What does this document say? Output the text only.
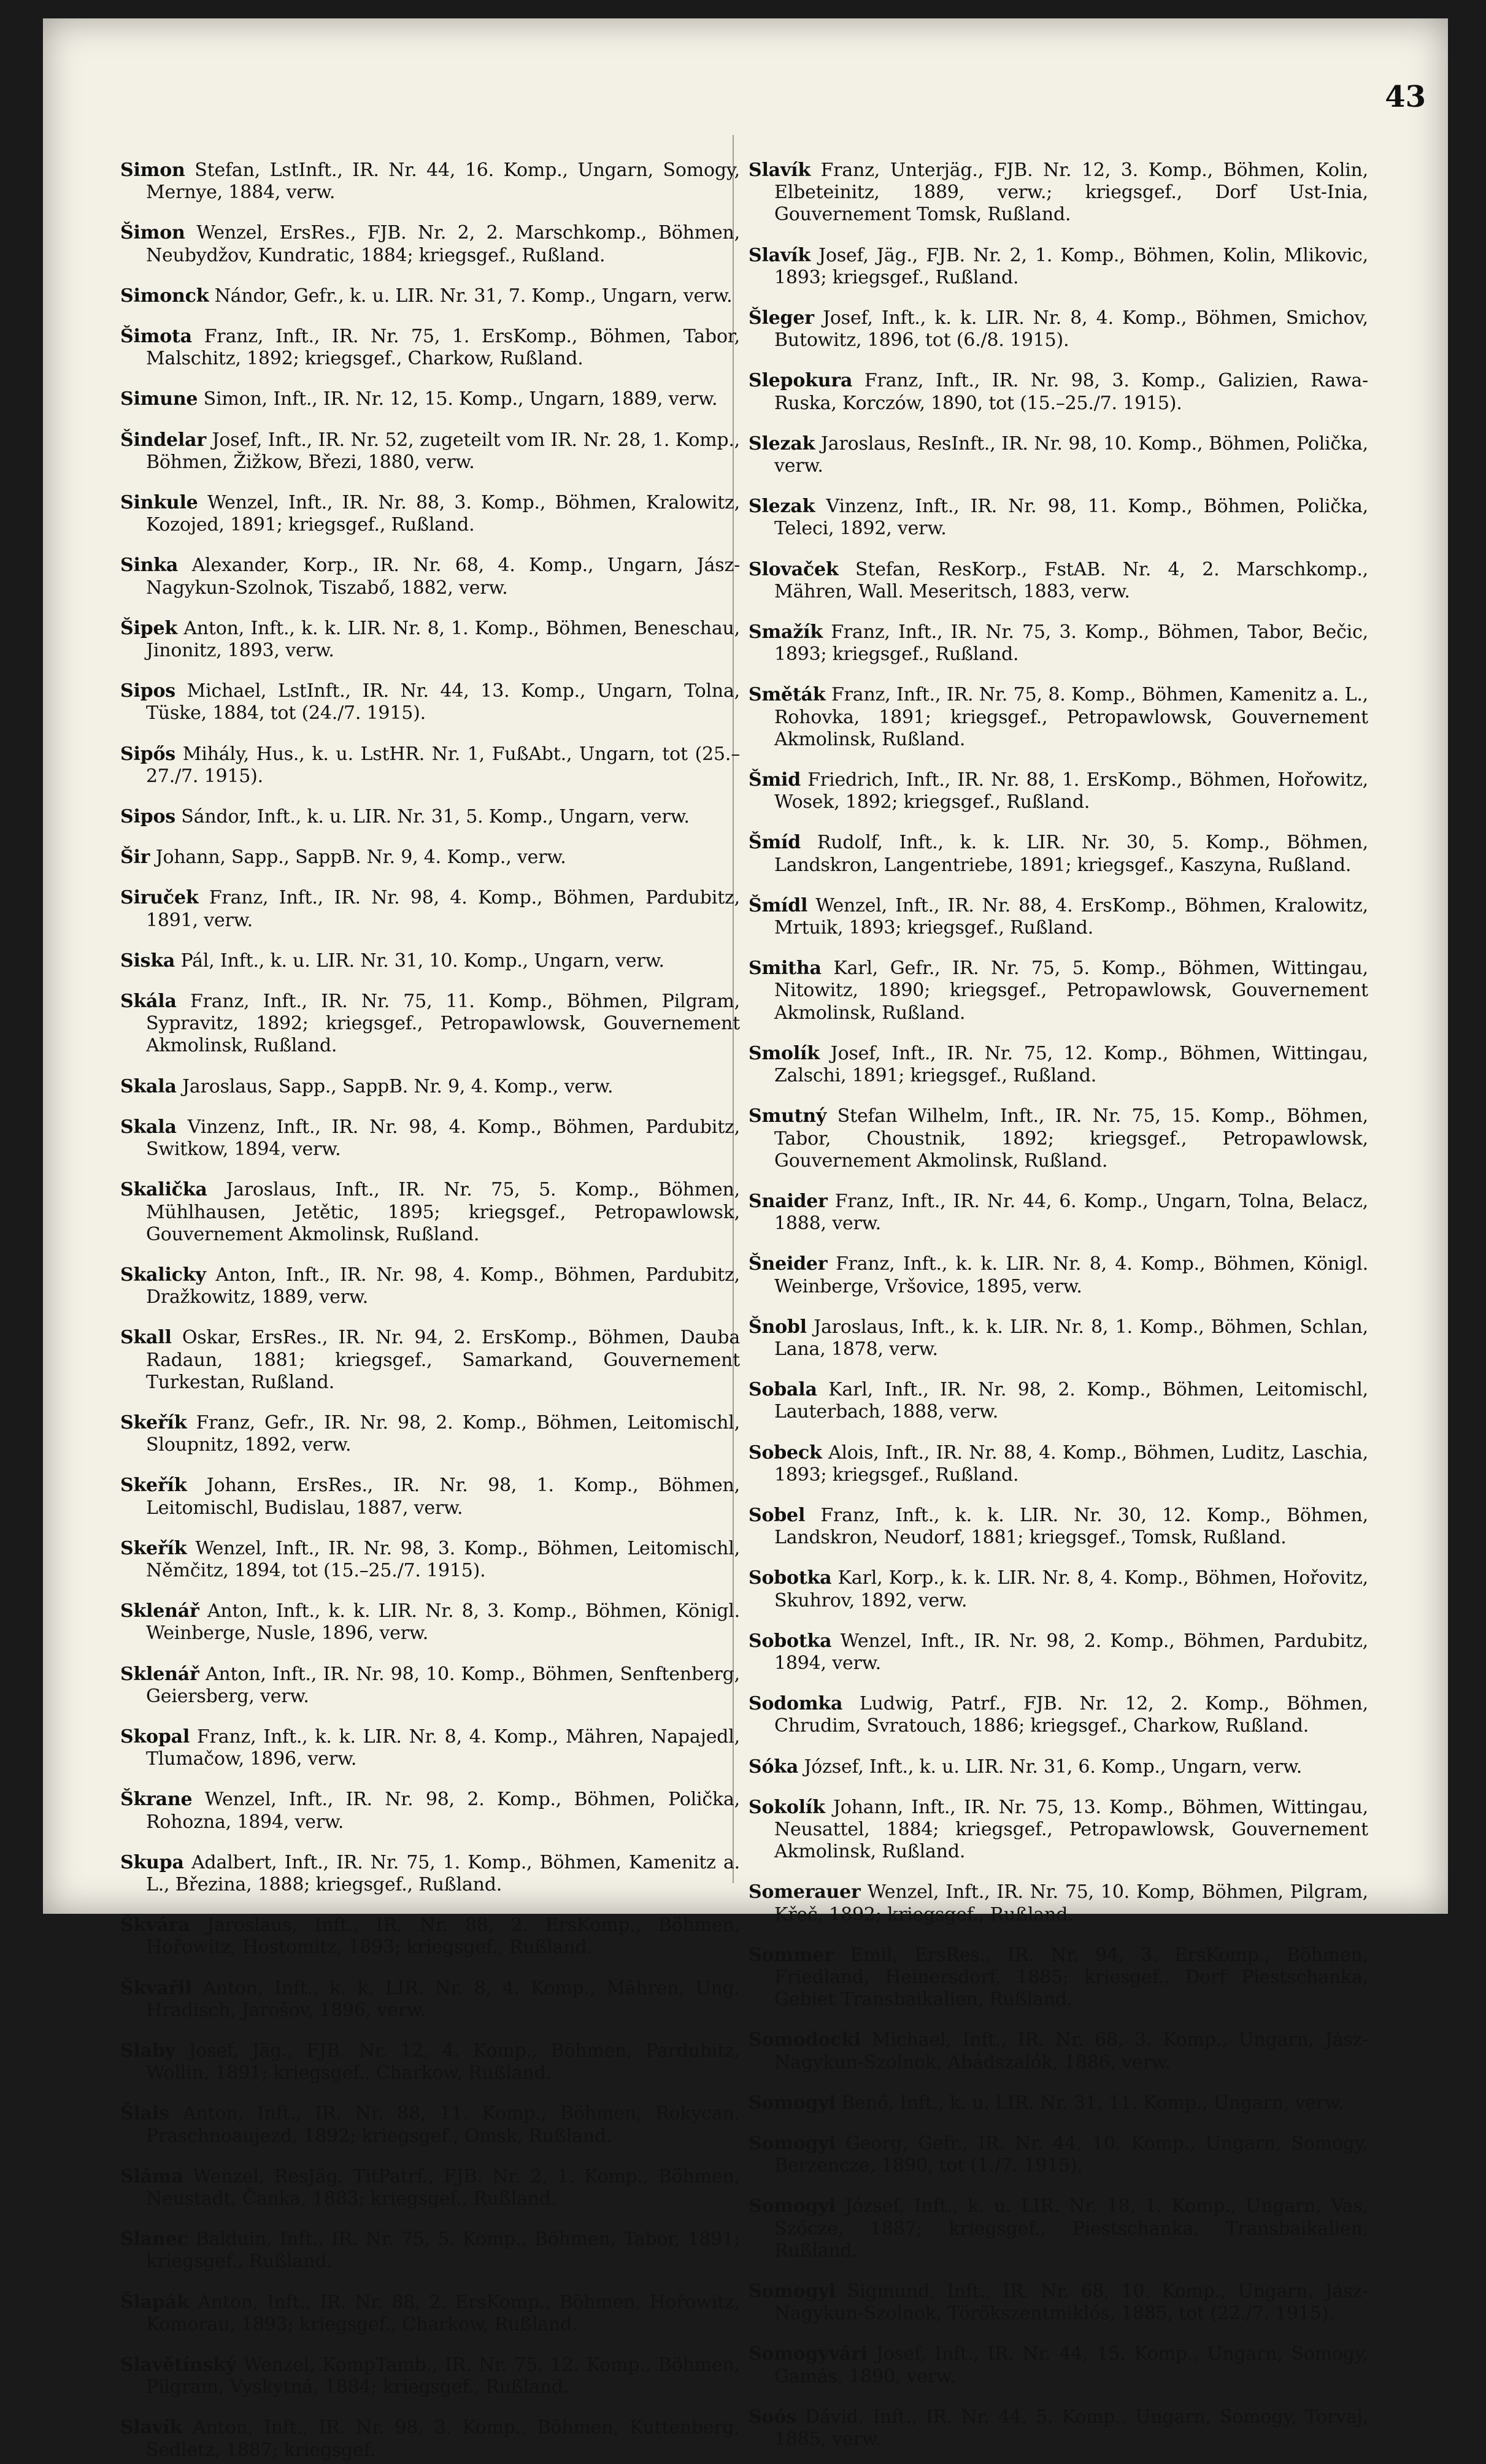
43

Simon Stefan, LstInft., IR. Nr. 44, 16. Komp., Ungarn, Somogy, Mernye, 1884, verw.

Šimon Wenzel, ErsRes., FJB. Nr. 2, 2. Marschkomp., Böhmen, Neubydžov, Kundratic, 1884; kriegsgef., Rußland.

Simonck Nándor, Gefr., k. u. LIR. Nr. 31, 7. Komp., Ungarn, verw.

Šimota Franz, Inft., IR. Nr. 75, 1. ErsKomp., Böhmen, Tabor, Malschitz, 1892; kriegsgef., Charkow, Rußland.

Simune Simon, Inft., IR. Nr. 12, 15. Komp., Ungarn, 1889, verw.

Šindelar Josef, Inft., IR. Nr. 52, zugeteilt vom IR. Nr. 28, 1. Komp., Böhmen, Žižkow, Březi, 1880, verw.

Sinkule Wenzel, Inft., IR. Nr. 88, 3. Komp., Böhmen, Kralowitz, Kozojed, 1891; kriegsgef., Rußland.

Sinka Alexander, Korp., IR. Nr. 68, 4. Komp., Ungarn, Jász-Nagykun-Szolnok, Tiszabő, 1882, verw.

Šipek Anton, Inft., k. k. LIR. Nr. 8, 1. Komp., Böhmen, Beneschau, Jinonitz, 1893, verw.

Sipos Michael, LstInft., IR. Nr. 44, 13. Komp., Ungarn, Tolna, Tüske, 1884, tot (24./7. 1915).

Sipős Mihály, Hus., k. u. LstHR. Nr. 1, FußAbt., Ungarn, tot (25.–27./7. 1915).

Sipos Sándor, Inft., k. u. LIR. Nr. 31, 5. Komp., Ungarn, verw.

Šir Johann, Sapp., SappB. Nr. 9, 4. Komp., verw.

Siruček Franz, Inft., IR. Nr. 98, 4. Komp., Böhmen, Pardubitz, 1891, verw.

Siska Pál, Inft., k. u. LIR. Nr. 31, 10. Komp., Ungarn, verw.

Skála Franz, Inft., IR. Nr. 75, 11. Komp., Böhmen, Pilgram, Sypravitz, 1892; kriegsgef., Petropawlowsk, Gouvernement Akmolinsk, Rußland.

Skala Jaroslaus, Sapp., SappB. Nr. 9, 4. Komp., verw.

Skala Vinzenz, Inft., IR. Nr. 98, 4. Komp., Böhmen, Pardubitz, Switkow, 1894, verw.

Skalička Jaroslaus, Inft., IR. Nr. 75, 5. Komp., Böhmen, Mühlhausen, Jetětic, 1895; kriegsgef., Petropawlowsk, Gouvernement Akmolinsk, Rußland.

Skalicky Anton, Inft., IR. Nr. 98, 4. Komp., Böhmen, Pardubitz, Dražkowitz, 1889, verw.

Skall Oskar, ErsRes., IR. Nr. 94, 2. ErsKomp., Böhmen, Dauba Radaun, 1881; kriegsgef., Samarkand, Gouvernement Turkestan, Rußland.

Skeřík Franz, Gefr., IR. Nr. 98, 2. Komp., Böhmen, Leitomischl, Sloupnitz, 1892, verw.

Skeřík Johann, ErsRes., IR. Nr. 98, 1. Komp., Böhmen, Leitomischl, Budislau, 1887, verw.

Skeřík Wenzel, Inft., IR. Nr. 98, 3. Komp., Böhmen, Leitomischl, Němčitz, 1894, tot (15.–25./7. 1915).

Sklenář Anton, Inft., k. k. LIR. Nr. 8, 3. Komp., Böhmen, Königl. Weinberge, Nusle, 1896, verw.

Sklenář Anton, Inft., IR. Nr. 98, 10. Komp., Böhmen, Senftenberg, Geiersberg, verw.

Skopal Franz, Inft., k. k. LIR. Nr. 8, 4. Komp., Mähren, Napajedl, Tlumačow, 1896, verw.

Škrane Wenzel, Inft., IR. Nr. 98, 2. Komp., Böhmen, Polička, Rohozna, 1894, verw.

Skupa Adalbert, Inft., IR. Nr. 75, 1. Komp., Böhmen, Kamenitz a. L., Březina, 1888; kriegsgef., Rußland.

Škvára Jaroslaus, Inft., IR. Nr. 88, 2. ErsKomp., Böhmen, Hořowitz, Hostomitz, 1893; kriegsgef., Rußland.

Škvařil Anton, Inft., k. k. LIR. Nr. 8, 4. Komp., Mähren, Ung. Hradisch, Jarošov, 1896, verw.

Slaby Josef, Jäg., FJB. Nr. 12, 4. Komp., Böhmen, Pardubitz, Wollin, 1891; kriegsgef., Charkow, Rußland.

Šlais Anton, Inft., IR. Nr. 88, 11. Komp., Böhmen, Rokycan, Praschnoaujezd, 1892; kriegsgef., Omsk, Rußland.

Sláma Wenzel, ResJäg. TitPatrf., FJB. Nr. 2, 1. Komp., Böhmen, Neustadt, Čanka, 1883; kriegsgef., Rußland.

Slanec Balduin, Inft., IR. Nr. 75, 5. Komp., Böhmen, Tabor, 1891; kriegsgef., Rußland.

Šlapák Anton, Inft., IR. Nr. 88, 2. ErsKomp., Böhmen, Hořowitz, Komorau, 1893; kriegsgef., Charkow, Rußland.

Slavětínský Wenzel, KompTamb., IR. Nr. 75, 12. Komp., Böhmen, Pilgram, Vyskytná, 1884; kriegsgef., Rußland.

Slavík Anton, Inft., IR. Nr. 98, 3. Komp., Böhmen, Kuttenberg, Sedletz, 1887; kriegsgef.

Slavík Franz, Unterjäg., FJB. Nr. 12, 3. Komp., Böhmen, Kolin, Elbeteinitz, 1889, verw.; kriegsgef., Dorf Ust-Inia, Gouvernement Tomsk, Rußland.

Slavík Josef, Jäg., FJB. Nr. 2, 1. Komp., Böhmen, Kolin, Mlikovic, 1893; kriegsgef., Rußland.

Šleger Josef, Inft., k. k. LIR. Nr. 8, 4. Komp., Böhmen, Smichov, Butowitz, 1896, tot (6./8. 1915).

Slepokura Franz, Inft., IR. Nr. 98, 3. Komp., Galizien, Rawa-Ruska, Korczów, 1890, tot (15.–25./7. 1915).

Slezak Jaroslaus, ResInft., IR. Nr. 98, 10. Komp., Böhmen, Polička, verw.

Slezak Vinzenz, Inft., IR. Nr. 98, 11. Komp., Böhmen, Polička, Teleci, 1892, verw.

Slovaček Stefan, ResKorp., FstAB. Nr. 4, 2. Marschkomp., Mähren, Wall. Meseritsch, 1883, verw.

Smažík Franz, Inft., IR. Nr. 75, 3. Komp., Böhmen, Tabor, Bečic, 1893; kriegsgef., Rußland.

Směták Franz, Inft., IR. Nr. 75, 8. Komp., Böhmen, Kamenitz a. L., Rohovka, 1891; kriegsgef., Petropawlowsk, Gouvernement Akmolinsk, Rußland.

Šmid Friedrich, Inft., IR. Nr. 88, 1. ErsKomp., Böhmen, Hořowitz, Wosek, 1892; kriegsgef., Rußland.

Šmíd Rudolf, Inft., k. k. LIR. Nr. 30, 5. Komp., Böhmen, Landskron, Langentriebe, 1891; kriegsgef., Kaszyna, Rußland.

Šmídl Wenzel, Inft., IR. Nr. 88, 4. ErsKomp., Böhmen, Kralowitz, Mrtuik, 1893; kriegsgef., Rußland.

Smitha Karl, Gefr., IR. Nr. 75, 5. Komp., Böhmen, Wittingau, Nitowitz, 1890; kriegsgef., Petropawlowsk, Gouvernement Akmolinsk, Rußland.

Smolík Josef, Inft., IR. Nr. 75, 12. Komp., Böhmen, Wittingau, Zalschi, 1891; kriegsgef., Rußland.

Smutný Stefan Wilhelm, Inft., IR. Nr. 75, 15. Komp., Böhmen, Tabor, Choustnik, 1892; kriegsgef., Petropawlowsk, Gouvernement Akmolinsk, Rußland.

Snaider Franz, Inft., IR. Nr. 44, 6. Komp., Ungarn, Tolna, Belacz, 1888, verw.

Šneider Franz, Inft., k. k. LIR. Nr. 8, 4. Komp., Böhmen, Königl. Weinberge, Vršovice, 1895, verw.

Šnobl Jaroslaus, Inft., k. k. LIR. Nr. 8, 1. Komp., Böhmen, Schlan, Lana, 1878, verw.

Sobala Karl, Inft., IR. Nr. 98, 2. Komp., Böhmen, Leitomischl, Lauterbach, 1888, verw.

Sobeck Alois, Inft., IR. Nr. 88, 4. Komp., Böhmen, Luditz, Laschia, 1893; kriegsgef., Rußland.

Sobel Franz, Inft., k. k. LIR. Nr. 30, 12. Komp., Böhmen, Landskron, Neudorf, 1881; kriegsgef., Tomsk, Rußland.

Sobotka Karl, Korp., k. k. LIR. Nr. 8, 4. Komp., Böhmen, Hořovitz, Skuhrov, 1892, verw.

Sobotka Wenzel, Inft., IR. Nr. 98, 2. Komp., Böhmen, Pardubitz, 1894, verw.

Sodomka Ludwig, Patrf., FJB. Nr. 12, 2. Komp., Böhmen, Chrudim, Svratouch, 1886; kriegsgef., Charkow, Rußland.

Sóka József, Inft., k. u. LIR. Nr. 31, 6. Komp., Ungarn, verw.

Sokolík Johann, Inft., IR. Nr. 75, 13. Komp., Böhmen, Wittingau, Neusattel, 1884; kriegsgef., Petropawlowsk, Gouvernement Akmolinsk, Rußland.

Somerauer Wenzel, Inft., IR. Nr. 75, 10. Komp, Böhmen, Pilgram, Křeč, 1892; kriegsgef., Rußland.

Sommer Emil, ErsRes., IR. Nr. 94, 3. ErsKomp., Böhmen, Friedland, Heinersdorf, 1885; kriesgef., Dorf Piestschanka, Gebiet Transbaikalien, Rußland.

Somodocki Michael, Inft., IR. Nr. 68, 3. Komp., Ungarn, Jász-Nagykun-Szolnok, Abádszalók, 1886, verw.

Somogyi Benő, Inft., k. u. LIR. Nr. 31, 11. Komp., Ungarn, verw.

Somogyi Georg, Gefr., IR. Nr. 44, 10. Komp., Ungarn, Somogy, Berzencze, 1890, tot (1./7. 1915).

Somogyi József, Inft., k. u. LIR. Nr. 18, 1. Komp., Ungarn, Vas, Szőcze, 1887; kriegsgef., Piestschanka, Transbaikalien, Rußland.

Somogyi Sigmund, Inft., IR. Nr. 68, 10. Komp., Ungarn, Jász-Nagykun-Szolnok, Törökszentmiklós, 1885, tot (22./7. 1915).

Somogyvári Josef, Inft., IR. Nr. 44, 15. Komp., Ungarn, Somogy, Gamás, 1890, verw.

Soós Dávid, Inft., IR. Nr. 44, 5. Komp., Ungarn, Somogy, Torvaj, 1885, verw.
